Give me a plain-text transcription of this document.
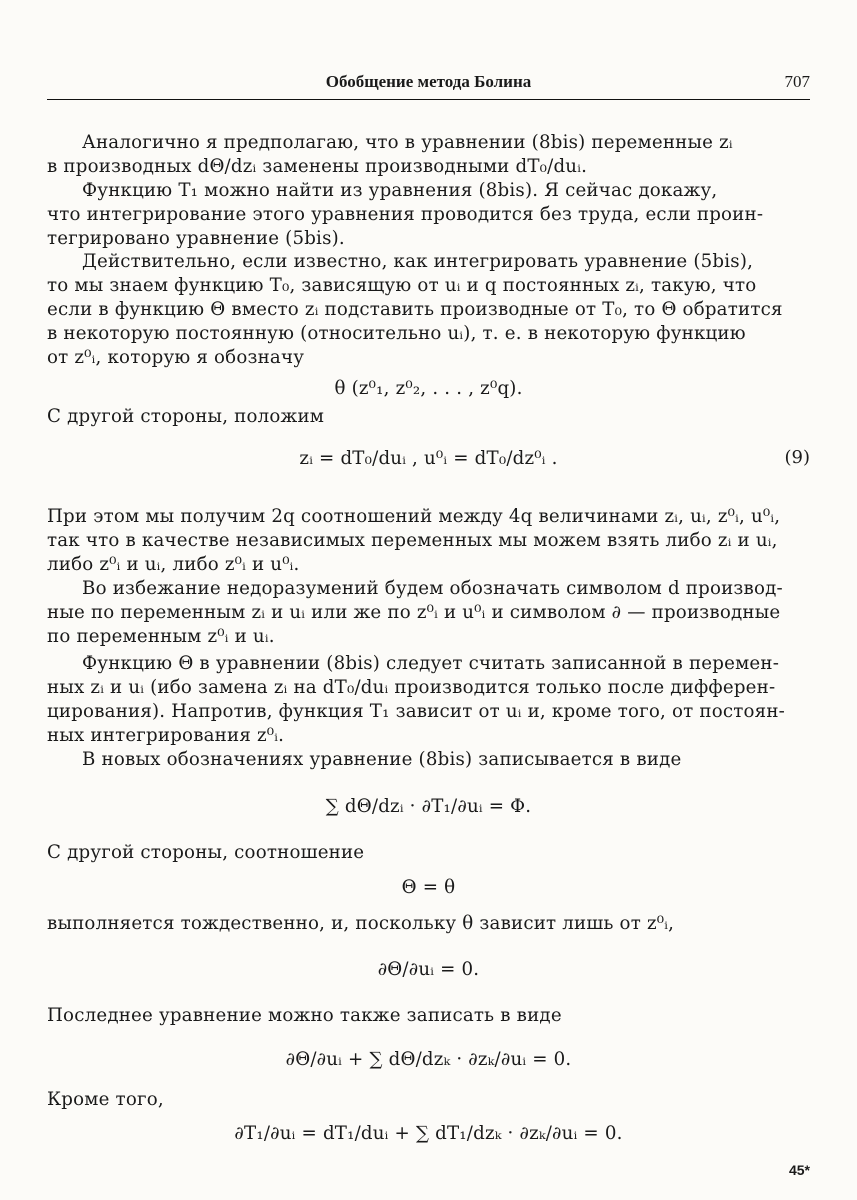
Обобщение метода Болина	707
Аналогично я предполагаю, что в уравнении (8bis) переменные zᵢ
в производных dΘ/dzᵢ заменены производными dT₀/duᵢ.
Функцию T₁ можно найти из уравнения (8bis). Я сейчас докажу,
что интегрирование этого уравнения проводится без труда, если проин-
тегрировано уравнение (5bis).
Действительно, если известно, как интегрировать уравнение (5bis),
то мы знаем функцию T₀, зависящую от uᵢ и q постоянных zᵢ, такую, что
если в функцию Θ вместо zᵢ подставить производные от T₀, то Θ обратится
в некоторую постоянную (относительно uᵢ), т. е. в некоторую функцию
от z⁰ᵢ, которую я обозначу
θ (z⁰₁, z⁰₂, . . . , z⁰q).
С другой стороны, положим
zᵢ = dT₀/duᵢ , u⁰ᵢ = dT₀/dz⁰ᵢ .	(9)
При этом мы получим 2q соотношений между 4q величинами zᵢ, uᵢ, z⁰ᵢ, u⁰ᵢ,
так что в качестве независимых переменных мы можем взять либо zᵢ и uᵢ,
либо z⁰ᵢ и uᵢ, либо z⁰ᵢ и u⁰ᵢ.
Во избежание недоразумений будем обозначать символом d производ-
ные по переменным zᵢ и uᵢ или же по z⁰ᵢ и u⁰ᵢ и символом ∂ — производные
по переменным z⁰ᵢ и uᵢ.
Функцию Θ в уравнении (8bis) следует считать записанной в перемен-
ных zᵢ и uᵢ (ибо замена zᵢ на dT₀/duᵢ производится только после дифферен-
цирования). Напротив, функция T₁ зависит от uᵢ и, кроме того, от постоян-
ных интегрирования z⁰ᵢ.
В новых обозначениях уравнение (8bis) записывается в виде
∑ dΘ/dzᵢ · ∂T₁/∂uᵢ = Φ.
С другой стороны, соотношение
Θ = θ
выполняется тождественно, и, поскольку θ зависит лишь от z⁰ᵢ,
∂Θ/∂uᵢ = 0.
Последнее уравнение можно также записать в виде
∂Θ/∂uᵢ + ∑ dΘ/dzₖ · ∂zₖ/∂uᵢ = 0.
Кроме того,
∂T₁/∂uᵢ = dT₁/duᵢ + ∑ dT₁/dzₖ · ∂zₖ/∂uᵢ = 0.
45*
